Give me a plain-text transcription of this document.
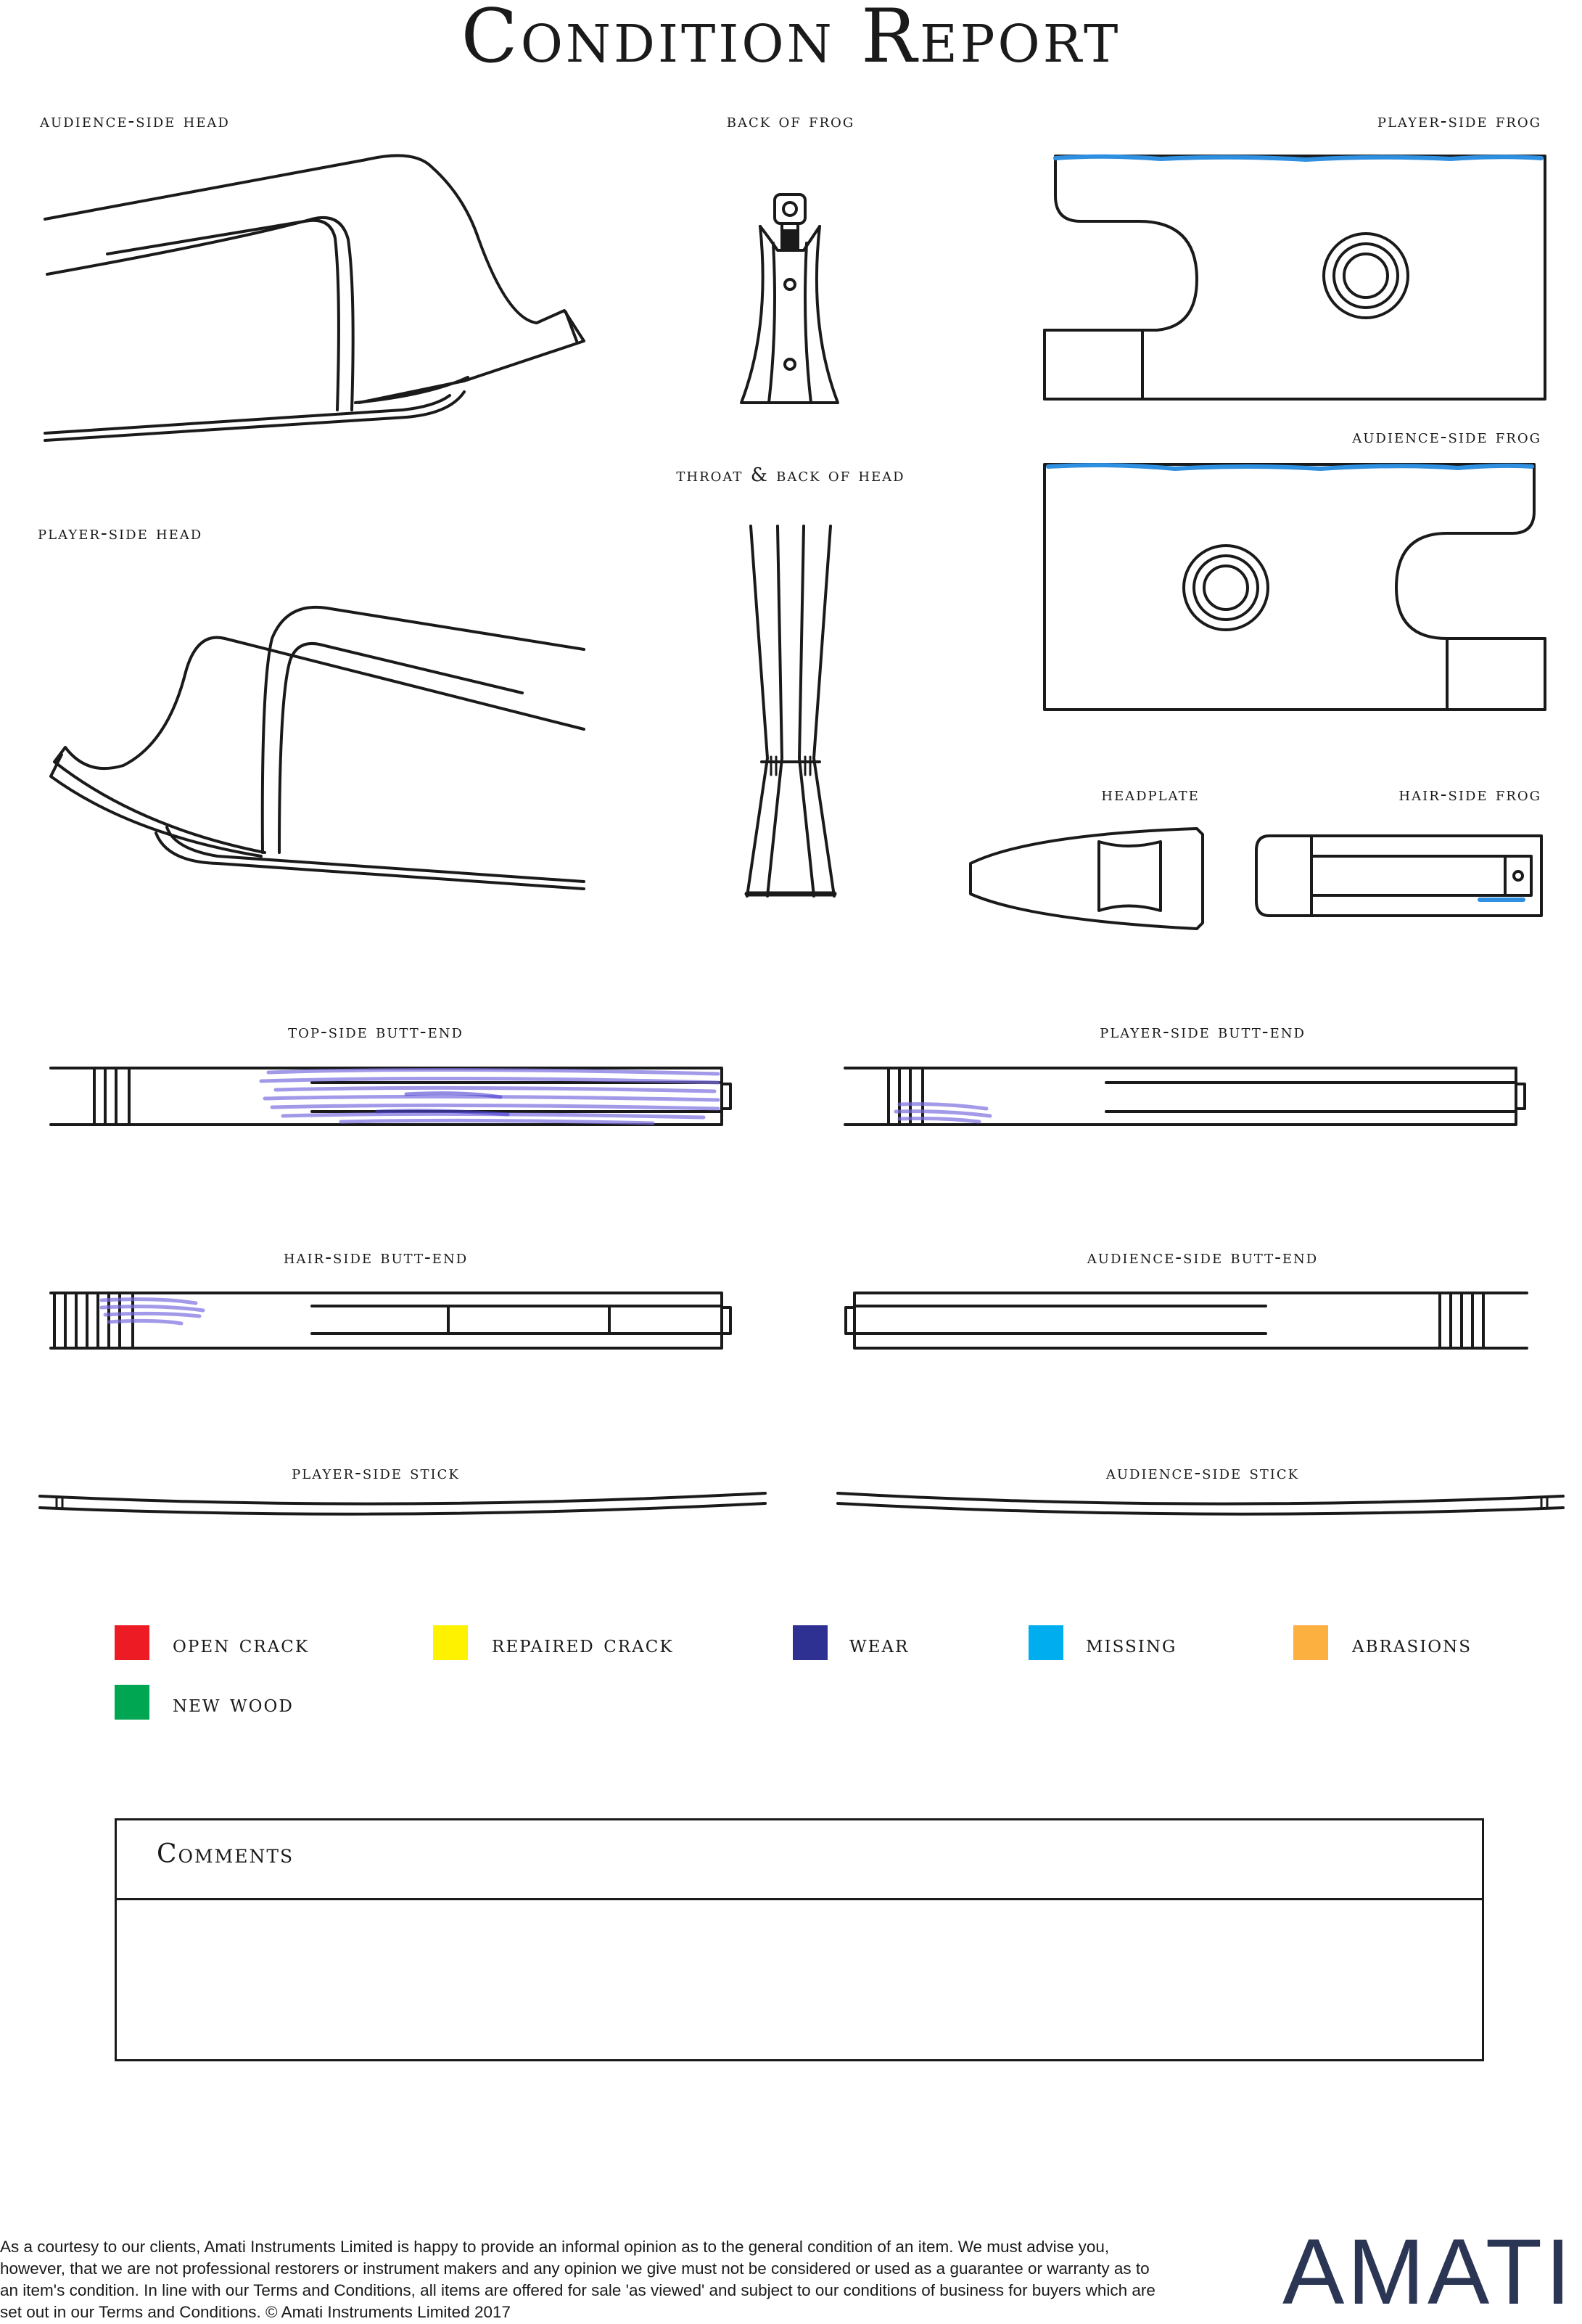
Condition Report
audience-side head	back of frog	player-side frog
throat & back of head
audience-side frog
player-side head
headplate	hair-side frog
top-side butt-end	player-side butt-end
hair-side butt-end	audience-side butt-end
player-side stick	audience-side stick
open crack	repaired crack	wear	missing	abrasions
new wood
Comments
As a courtesy to our clients, Amati Instruments Limited is happy to provide an informal opinion as to the general condition of an item. We must advise you, however, that we are not professional restorers or instrument makers and any opinion we give must not be considered or used as a guarantee or warranty as to an item's condition. In line with our Terms and Conditions, all items are offered for sale 'as viewed' and subject to our conditions of business for buyers which are set out in our Terms and Conditions. © Amati Instruments Limited 2017	AMATI
